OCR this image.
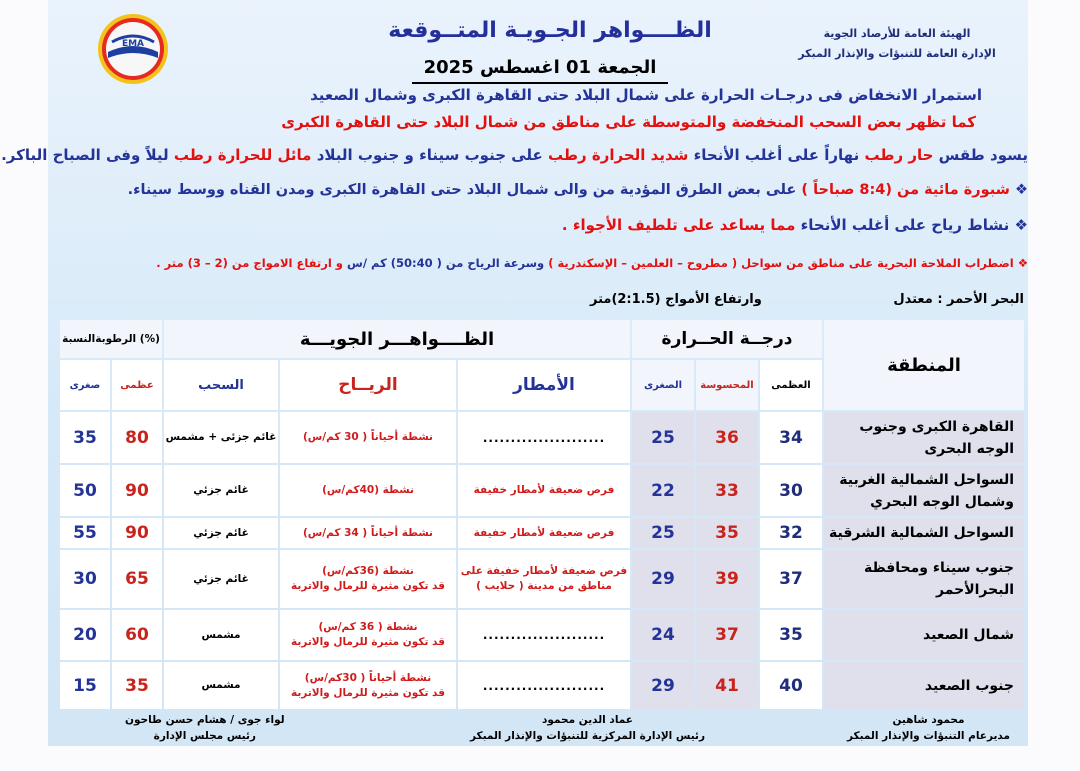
EMA
الهيئة العامة للأرصاد الجوية
الإدارة العامة للتنبؤات والإنذار المبكر
الظــــواهر الجـويـة المتــوقعة
الجمعة 01 اغسطس 2025
استمرار الانخفاض فى درجـات الحرارة على شمال البلاد حتى القاهرة الكبرى وشمال الصعيد
كما تظهر بعض السحب المنخفضة والمتوسطة على مناطق من شمال البلاد حتى القاهرة الكبرى
يسود طقس حار رطب نهاراً على أغلب الأنحاء شديد الحرارة رطب على جنوب سيناء و جنوب البلاد مائل للحرارة رطب ليلاً وفى الصباح الباكر.
❖ شبورة مائية من (8:4 صباحاً ) على بعض الطرق المؤدية من والى شمال البلاد حتى القاهرة الكبرى ومدن القناه ووسط سيناء.
❖ نشاط رياح على أغلب الأنحاء مما يساعد على تلطيف الأجواء .
❖ اضطراب الملاحة البحرية على مناطق من سواحل ( مطروح – العلمين – الإسكندرية ) وسرعة الرياح من ( 50:40) كم /س و ارتفاع الامواج من (2 – 3) متر .
البحر الأحمر : معتدل
وارتفاع الأمواج (2:1.5)متر
المنطقة
درجــة الحــرارة
الظــــواهـــر الجويـــة
الرطوبةالنسبة (%)
العظمى
المحسوسة
الصغرى
الأمطار
الريــاح
السحب
عظمى
صغرى
القاهرة الكبرى وجنوب الوجه البحرى
34
36
25
......................
نشطة أحياناً ( 30 كم/س)
غائم جزئى + مشمس
80
35
السواحل الشمالية الغربية وشمال الوجه البحري
30
33
22
فرص ضعيفة لأمطار خفيفة
نشطة (40كم/س)
غائم جزئي
90
50
السواحل الشمالية الشرقية
32
35
25
فرص ضعيفة لأمطار خفيفة
نشطة أحياناً ( 34 كم/س)
غائم جزئي
90
55
جنوب سيناء ومحافظة البحرالأحمر
37
39
29
فرص ضعيفة لأمطار خفيفة على مناطق من مدينة ( حلايب )
نشطة (36كم/س)
قد تكون مثيرة للرمال والاتربة
غائم جزئي
65
30
شمال الصعيد
35
37
24
......................
نشطة ( 36 كم/س)
قد تكون مثيرة للرمال والاتربة
مشمس
60
20
جنوب الصعيد
40
41
29
......................
نشطة أحياناً ( 30كم/س)
قد تكون مثيرة للرمال والاتربة
مشمس
35
15
محمود شاهين
مديرعام التنبؤات والإنذار المبكر
عماد الدين محمود
رئيس الإدارة المركزية للتنبؤات والإنذار المبكر
لواء جوى / هشام حسن طاحون
رئيس مجلس الإدارة
